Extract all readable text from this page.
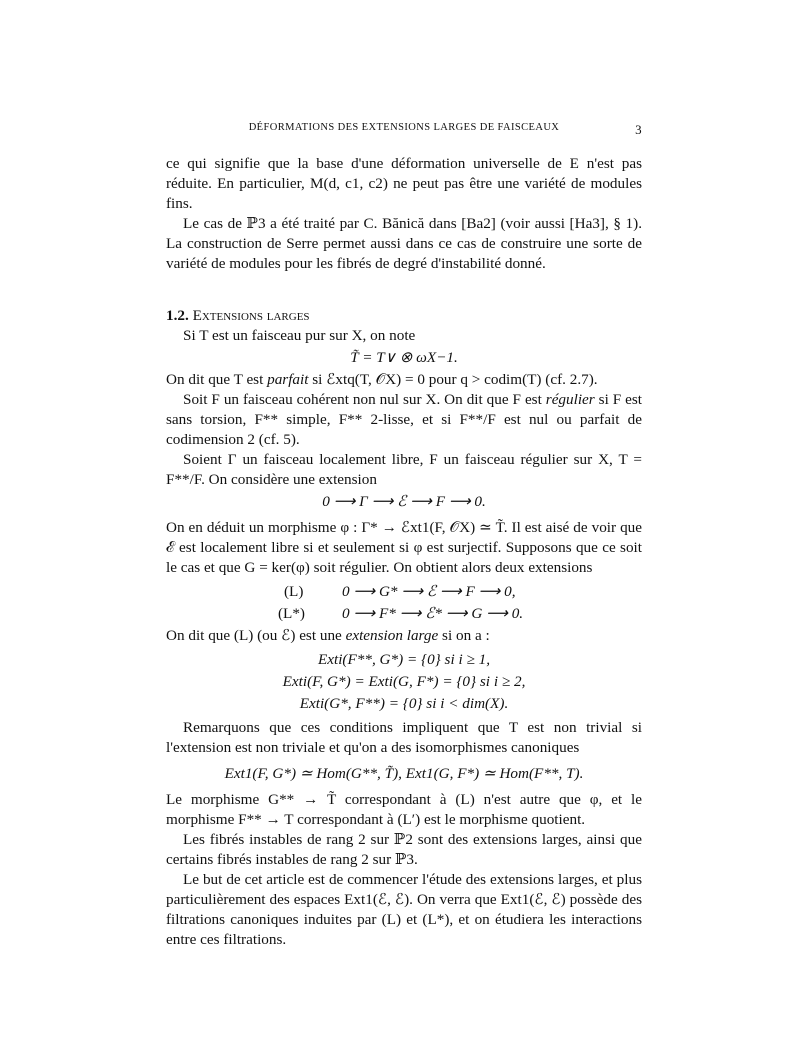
DÉFORMATIONS DES EXTENSIONS LARGES DE FAISCEAUX	3

ce qui signifie que la base d'une déformation universelle de E n'est pas réduite. En particulier, M(d, c1, c2) ne peut pas être une variété de modules fins.

Le cas de ℙ3 a été traité par C. Bănică dans [Ba2] (voir aussi [Ha3], § 1). La construction de Serre permet aussi dans ce cas de construire une sorte de variété de modules pour les fibrés de degré d'instabilité donné.

1.2. Extensions larges

Si T est un faisceau pur sur X, on note

T̃ = T∨ ⊗ ωX−1.

On dit que T est parfait si ℰxtq(T, 𝒪X) = 0 pour q > codim(T) (cf. 2.7).

Soit F un faisceau cohérent non nul sur X. On dit que F est régulier si F est sans torsion, F** simple, F** 2-lisse, et si F**/F est nul ou parfait de codimension 2 (cf. 5).

Soient Γ un faisceau localement libre, F un faisceau régulier sur X, T = F**/F. On considère une extension

0 ⟶ Γ ⟶ ℰ ⟶ F ⟶ 0.

On en déduit un morphisme φ : Γ* → ℰxt1(F, 𝒪X) ≃ T̃. Il est aisé de voir que ℰ est localement libre si et seulement si φ est surjectif. Supposons que ce soit le cas et que G = ker(φ) soit régulier. On obtient alors deux extensions

(L)	0 ⟶ G* ⟶ ℰ ⟶ F ⟶ 0,
(L*) 0 ⟶ F* ⟶ ℰ* ⟶ G ⟶ 0.

On dit que (L) (ou ℰ) est une extension large si on a :

Exti(F**, G*) = {0} si i ≥ 1,
Exti(F, G*) = Exti(G, F*) = {0} si i ≥ 2,
Exti(G*, F**) = {0} si i < dim(X).

Remarquons que ces conditions impliquent que T est non trivial si l'extension est non triviale et qu'on a des isomorphismes canoniques

Ext1(F, G*) ≃ Hom(G**, T̃), Ext1(G, F*) ≃ Hom(F**, T).

Le morphisme G** → T̃ correspondant à (L) n'est autre que φ, et le morphisme F** → T correspondant à (L′) est le morphisme quotient.

Les fibrés instables de rang 2 sur ℙ2 sont des extensions larges, ainsi que certains fibrés instables de rang 2 sur ℙ3.

Le but de cet article est de commencer l'étude des extensions larges, et plus particulièrement des espaces Ext1(ℰ, ℰ). On verra que Ext1(ℰ, ℰ) possède des filtrations canoniques induites par (L) et (L*), et on étudiera les interactions entre ces filtrations.
